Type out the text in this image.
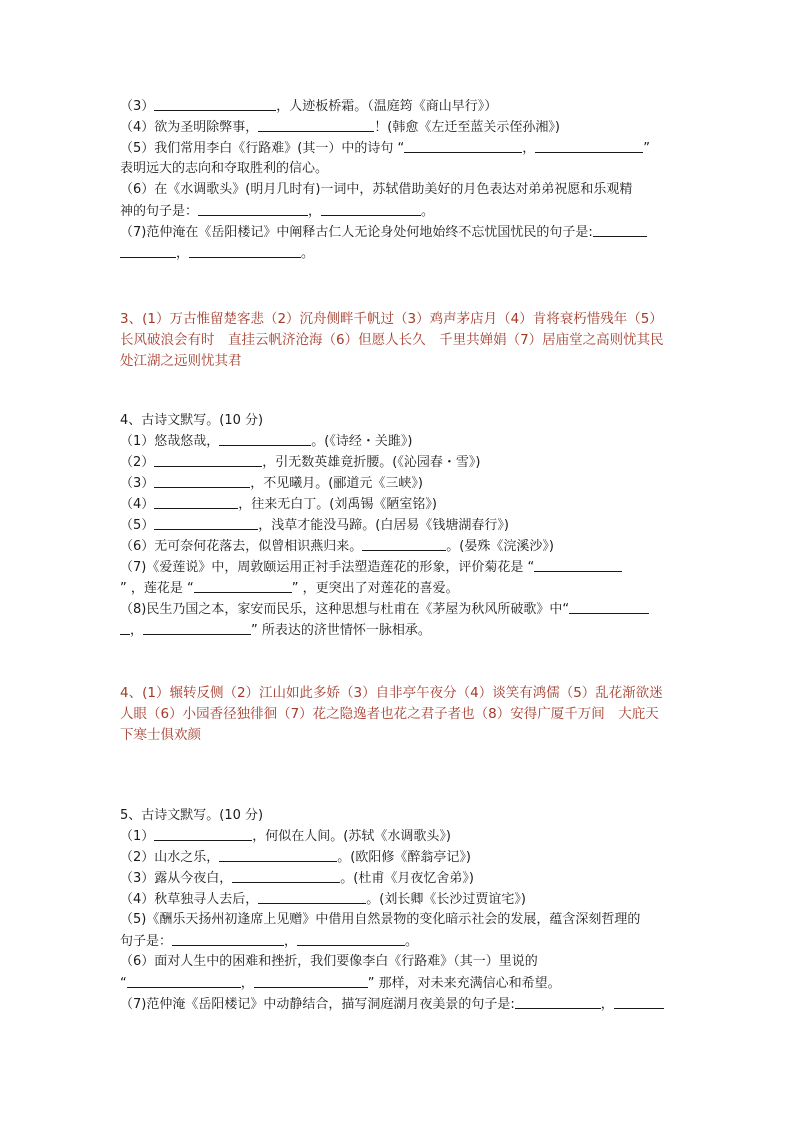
（3）	，人迹板桥霜。（温庭筠《商山早行》）
（4）欲为圣明除弊事，	！(韩愈《左迁至蓝关示侄孙湘》)
（5）我们常用李白《行路难》(其一）中的诗句 “	，	”
表明远大的志向和夺取胜利的信心。
（6）在《水调歌头》(明月几时有)一词中，苏轼借助美好的月色表达对弟弟祝愿和乐观精
神的句子是：	，	。
（7)范仲淹在《岳阳楼记》中阐释古仁人无论身处何地始终不忘忧国忧民的句子是:
，	。
3、(1）万古惟留楚客悲（2）沉舟侧畔千帆过（3）鸡声茅店月（4）肯将衰朽惜残年（5）
长风破浪会有时　直挂云帆济沧海（6）但愿人长久　千里共婵娟（7）居庙堂之高则忧其民
处江湖之远则忧其君
4、古诗文默写。(10 分)
（1）悠哉悠哉，	。(《诗经・关雎》)
（2）	，引无数英雄竟折腰。(《沁园春・雪》)
（3）	，不见曦月。(郦道元《三峡》)
（4）	，往来无白丁。(刘禹锡《陋室铭》)
（5）	，浅草才能没马蹄。(白居易《钱塘湖春行》)
（6）无可奈何花落去，似曾相识燕归来。	。(晏殊《浣溪沙》)
（7)《爱莲说》中，周敦颐运用正衬手法塑造莲花的形象，评价菊花是 “
” ，莲花是 “	” ，更突出了对莲花的喜爱。
（8)民生乃国之本，家安而民乐，这种思想与杜甫在《茅屋为秋风所破歌》中“
，	” 所表达的济世情怀一脉相承。
4、(1）辗转反侧（2）江山如此多娇（3）自非亭午夜分（4）谈笑有鸿儒（5）乱花渐欲迷
人眼（6）小园香径独徘徊（7）花之隐逸者也花之君子者也（8）安得广厦千万间　大庇天
下寒士俱欢颜
5、古诗文默写。(10 分)
（1）	，何似在人间。(苏轼《水调歌头》)
（2）山水之乐，	。(欧阳修《醉翁亭记》)
（3）露从今夜白，	。(杜甫《月夜忆舍弟》)
（4）秋草独寻人去后，	。(刘长卿《长沙过贾谊宅》)
（5)《酬乐天扬州初逢席上见赠》中借用自然景物的变化暗示社会的发展，蕴含深刻哲理的
句子是：	，	。
（6）面对人生中的困难和挫折，我们要像李白《行路难》（其一）里说的
“	，	” 那样，对未来充满信心和希望。
（7)范仲淹《岳阳楼记》中动静结合，描写洞庭湖月夜美景的句子是:	，
